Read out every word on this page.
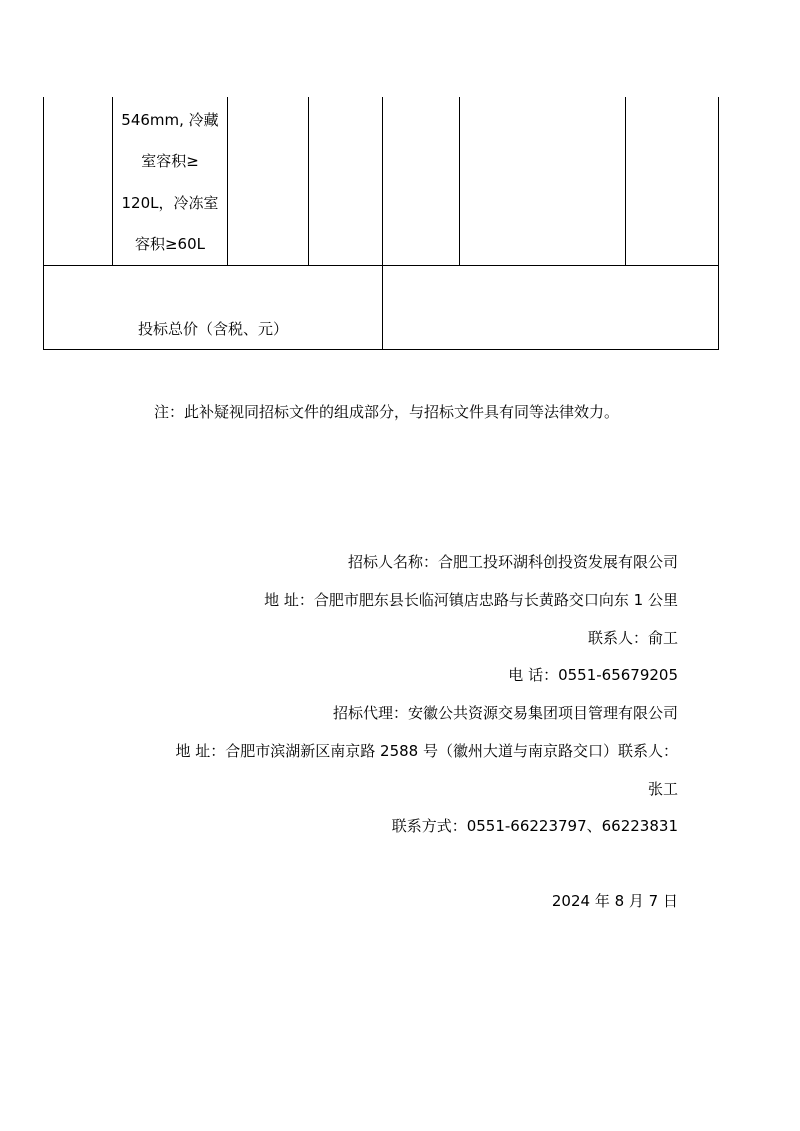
546mm, 冷藏
室容积≥
120L，冷冻室
容积≥60L
投标总价（含税、元）
注：此补疑视同招标文件的组成部分，与招标文件具有同等法律效力。
招标人名称：合肥工投环湖科创投资发展有限公司
地 址：合肥市肥东县长临河镇店忠路与长黄路交口向东 1 公里
联系人：俞工
电 话：0551-65679205
招标代理：安徽公共资源交易集团项目管理有限公司
地 址：合肥市滨湖新区南京路 2588 号（徽州大道与南京路交口）联系人：
张工
联系方式：0551-66223797、66223831
2024 年 8 月 7 日
